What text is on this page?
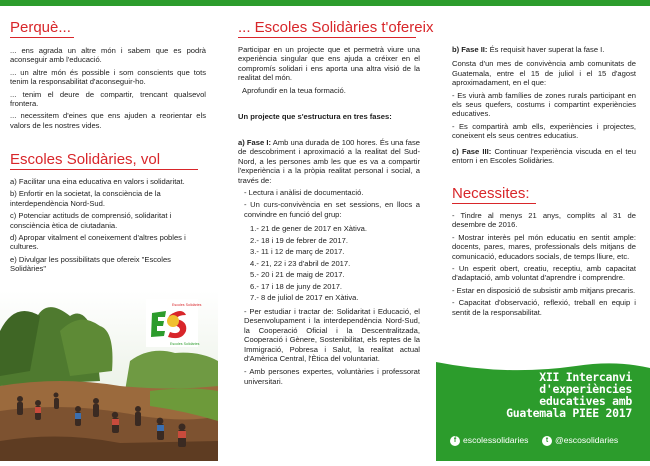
Perquè...

... ens agrada un altre món i sabem que es podrà aconseguir amb l'educació.

... un altre món és possible i som conscients que tots tenim la responsabilitat d'aconseguir-ho.

... tenim el deure de compartir, trencant qualsevol frontera.

... necessitem d'eines que ens ajuden a reorientar els valors de les nostres vides.

Escoles Solidàries, vol

a) Facilitar una eina educativa en valors i solidaritat.

b) Enfortir en la societat, la consciència de la interdependència Nord-Sud.

c) Potenciar actituds de comprensió, solidaritat i consciència ètica de ciutadania.

d) Apropar vitalment el coneixement d'altres pobles i cultures.

e) Divulgar les possibilitats que ofereix "Escoles Solidàries"

Escoles Solidàries
Escoles Solidàries
... Escoles Solidàries t'ofereix

Participar en un projecte que et permetrà viure una experiència singular que ens ajuda a créixer en el compromís solidari i ens aporta una altra visió de la realitat del món.

Aprofundir en la teua formació.

Un projecte que s'estructura en tres fases:

a) Fase I: Amb una durada de 100 hores. És una fase de descobriment i aproximació a la realitat del Sud-Nord, a les persones amb les que es va a compartir l'experiència i a la pròpia realitat personal i social, a través de:

- Lectura i anàlisi de documentació.

- Un curs-convivència en set sessions, en llocs a convindre en funció del grup:

1.- 21 de gener de 2017 en Xàtiva.
2.- 18 i 19 de febrer de 2017.
3.- 11 i 12 de març de 2017.
4.- 21, 22 i 23 d'abril de 2017.
5.- 20 i 21 de maig de 2017.
6.- 17 i 18 de juny de 2017.
7.- 8 de juliol de 2017 en Xàtiva.

- Per estudiar i tractar de: Solidaritat i Educació, el Desenvolupament i la interdependència Nord-Sud, la Cooperació Oficial i la Descentralitzada, Cooperació i Gènere, Sostenibilitat, els reptes de la Immigració, Pobresa i Salut, la realitat actual d'Amèrica Central, l'Ètica del voluntariat.

- Amb persones expertes, voluntàries i professorat universitari.

b) Fase II: És requisit haver superat la fase I.

Consta d'un mes de convivència amb comunitats de Guatemala, entre el 15 de juliol i el 15 d'agost aproximadament, en el que:

- Es viurà amb famílies de zones rurals participant en els seus quefers, costums i compartint experiències educatives.

- Es compartirà amb ells, experiències i projectes, coneixent els seus centres educatius.

c) Fase III: Continuar l'experiència viscuda en el teu entorn i en Escoles Solidàries.

Necessites:

- Tindre al menys 21 anys, complits al 31 de desembre de 2016.

- Mostrar interès pel món educatiu en sentit ample: docents, pares, mares, professionals dels mitjans de comunicació, educadors socials, de temps lliure, etc.

- Un esperit obert, creatiu, receptiu, amb capacitat d'adaptació, amb voluntat d'aprendre i comprendre.

- Estar en disposició de subsistir amb mitjans precaris.

- Capacitat d'observació, reflexió, treball en equip i sentit de la responsabilitat.

XII Intercanvi
d'experiències
educatives amb
Guatemala PIEE 2017
f escolessolidaries	t @escosolidaries
